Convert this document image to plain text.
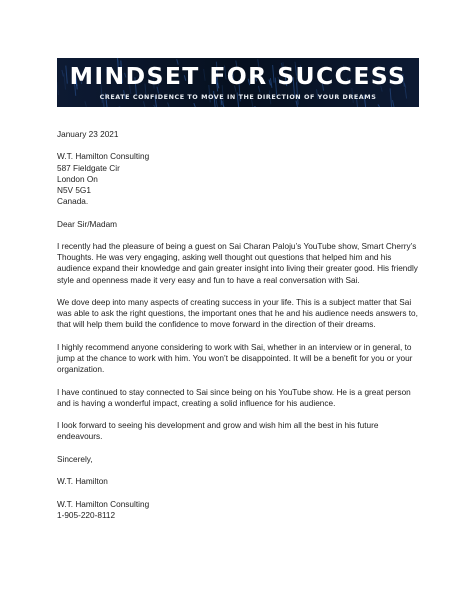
MINDSET FOR SUCCESS
CREATE CONFIDENCE TO MOVE IN THE DIRECTION OF YOUR DREAMS

January 23 2021

W.T. Hamilton Consulting

587 Fieldgate Cir

London On

N5V 5G1

Canada.

Dear Sir/Madam

I recently had the pleasure of being a guest on Sai Charan Paloju’s YouTube show, Smart Cherry’s Thoughts. He was very engaging, asking well thought out questions that helped him and his audience expand their knowledge and gain greater insight into living their greater good. His friendly style and openness made it very easy and fun to have a real conversation with Sai.

We dove deep into many aspects of creating success in your life. This is a subject matter that Sai was able to ask the right questions, the important ones that he and his audience needs answers to, that will help them build the confidence to move forward in the direction of their dreams.

I highly recommend anyone considering to work with Sai, whether in an interview or in general, to jump at the chance to work with him. You won’t be disappointed. It will be a benefit for you or your organization.

I have continued to stay connected to Sai since being on his YouTube show. He is a great person and is having a wonderful impact, creating a solid influence for his audience.

I look forward to seeing his development and grow and wish him all the best in his future endeavours.

Sincerely,

W.T. Hamilton

W.T. Hamilton Consulting

1-905-220-8112
